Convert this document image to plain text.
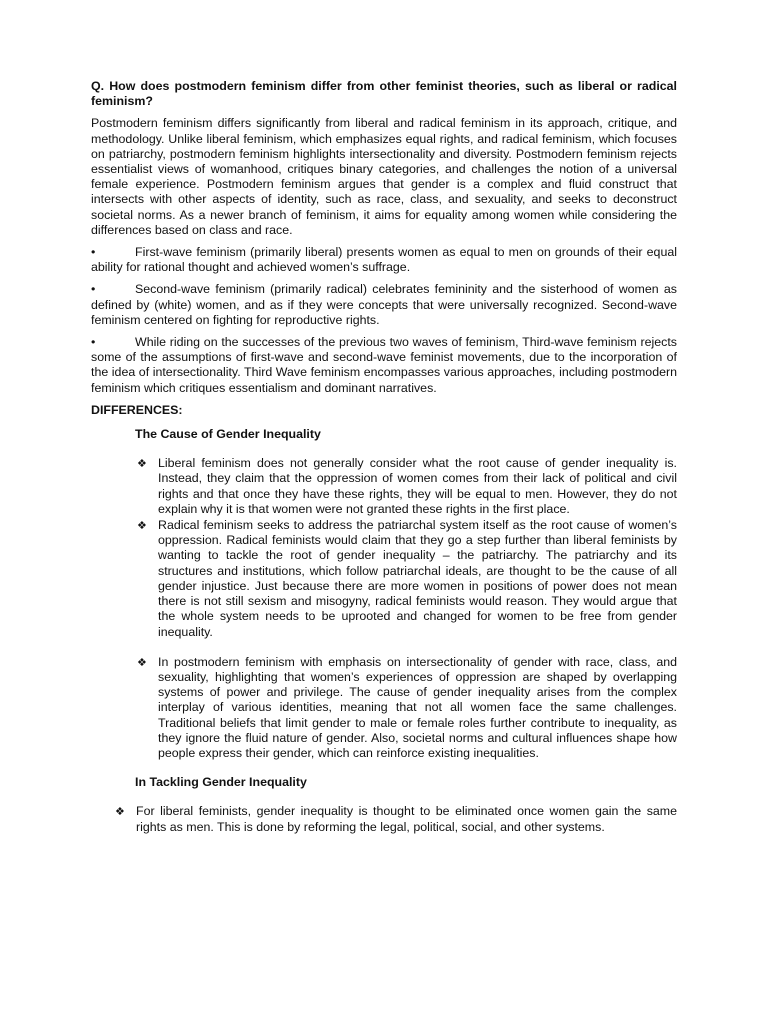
Q. How does postmodern feminism differ from other feminist theories, such as liberal or radical feminism?

Postmodern feminism differs significantly from liberal and radical feminism in its approach, critique, and methodology. Unlike liberal feminism, which emphasizes equal rights, and radical feminism, which focuses on patriarchy, postmodern feminism highlights intersectionality and diversity. Postmodern feminism rejects essentialist views of womanhood, critiques binary categories, and challenges the notion of a universal female experience. Postmodern feminism argues that gender is a complex and fluid construct that intersects with other aspects of identity, such as race, class, and sexuality, and seeks to deconstruct societal norms. As a newer branch of feminism, it aims for equality among women while considering the differences based on class and race.

•	First-wave feminism (primarily liberal) presents women as equal to men on grounds of their equal ability for rational thought and achieved women’s suffrage.

•	Second-wave feminism (primarily radical) celebrates femininity and the sisterhood of women as defined by (white) women, and as if they were concepts that were universally recognized. Second-wave feminism centered on fighting for reproductive rights.

•	While riding on the successes of the previous two waves of feminism, Third-wave feminism rejects some of the assumptions of first-wave and second-wave feminist movements, due to the incorporation of the idea of intersectionality. Third Wave feminism encompasses various approaches, including postmodern feminism which critiques essentialism and dominant narratives.

DIFFERENCES:

The Cause of Gender Inequality

❖ Liberal feminism does not generally consider what the root cause of gender inequality is. Instead, they claim that the oppression of women comes from their lack of political and civil rights and that once they have these rights, they will be equal to men. However, they do not explain why it is that women were not granted these rights in the first place.
❖ Radical feminism seeks to address the patriarchal system itself as the root cause of women’s oppression. Radical feminists would claim that they go a step further than liberal feminists by wanting to tackle the root of gender inequality – the patriarchy. The patriarchy and its structures and institutions, which follow patriarchal ideals, are thought to be the cause of all gender injustice. Just because there are more women in positions of power does not mean there is not still sexism and misogyny, radical feminists would reason. They would argue that the whole system needs to be uprooted and changed for women to be free from gender inequality.
❖ In postmodern feminism with emphasis on intersectionality of gender with race, class, and sexuality, highlighting that women’s experiences of oppression are shaped by overlapping systems of power and privilege. The cause of gender inequality arises from the complex interplay of various identities, meaning that not all women face the same challenges. Traditional beliefs that limit gender to male or female roles further contribute to inequality, as they ignore the fluid nature of gender. Also, societal norms and cultural influences shape how people express their gender, which can reinforce existing inequalities.

In Tackling Gender Inequality

❖ For liberal feminists, gender inequality is thought to be eliminated once women gain the same rights as men. This is done by reforming the legal, political, social, and other systems.
